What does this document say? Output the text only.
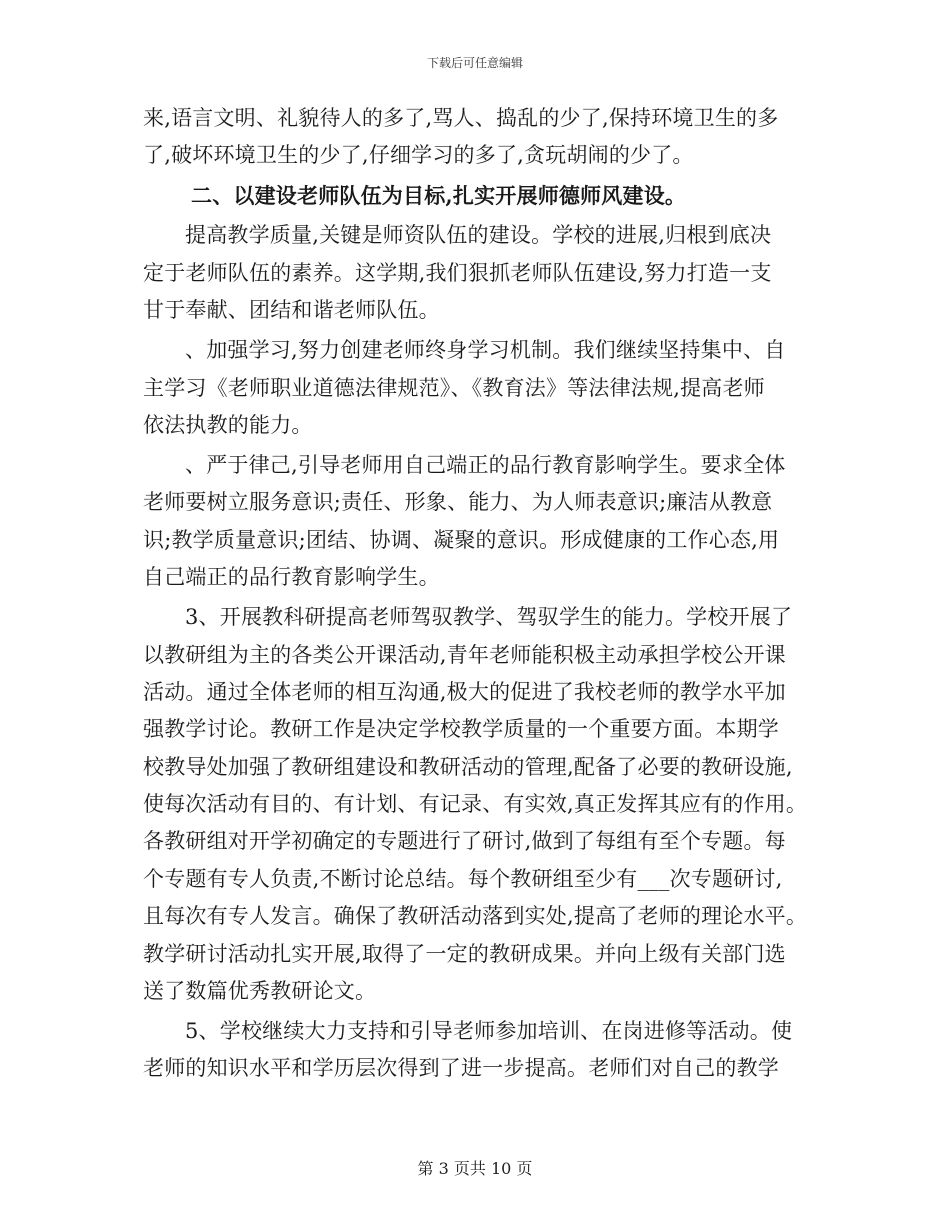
下载后可任意编辑
来,语言文明、礼貌待人的多了,骂人、捣乱的少了,保持环境卫生的多
了,破坏环境卫生的少了,仔细学习的多了,贪玩胡闹的少了。
二、以建设老师队伍为目标,扎实开展师德师风建设。
提高教学质量,关键是师资队伍的建设。学校的进展,归根到底决
定于老师队伍的素养。这学期,我们狠抓老师队伍建设,努力打造一支
甘于奉献、团结和谐老师队伍。
、加强学习,努力创建老师终身学习机制。我们继续坚持集中、自
主学习《老师职业道德法律规范》、《教育法》等法律法规,提高老师
依法执教的能力。
、严于律己,引导老师用自己端正的品行教育影响学生。要求全体
老师要树立服务意识;责任、形象、能力、为人师表意识;廉洁从教意
识;教学质量意识;团结、协调、凝聚的意识。形成健康的工作心态,用
自己端正的品行教育影响学生。
3、开展教科研提高老师驾驭教学、驾驭学生的能力。学校开展了
以教研组为主的各类公开课活动,青年老师能积极主动承担学校公开课
活动。通过全体老师的相互沟通,极大的促进了我校老师的教学水平加
强教学讨论。教研工作是决定学校教学质量的一个重要方面。本期学
校教导处加强了教研组建设和教研活动的管理,配备了必要的教研设施,
使每次活动有目的、有计划、有记录、有实效,真正发挥其应有的作用。
各教研组对开学初确定的专题进行了研讨,做到了每组有至个专题。每
个专题有专人负责,不断讨论总结。每个教研组至少有___次专题研讨,
且每次有专人发言。确保了教研活动落到实处,提高了老师的理论水平。
教学研讨活动扎实开展,取得了一定的教研成果。并向上级有关部门选
送了数篇优秀教研论文。
5、学校继续大力支持和引导老师参加培训、在岗进修等活动。使
老师的知识水平和学历层次得到了进一步提高。老师们对自己的教学
第 3 页共 10 页
